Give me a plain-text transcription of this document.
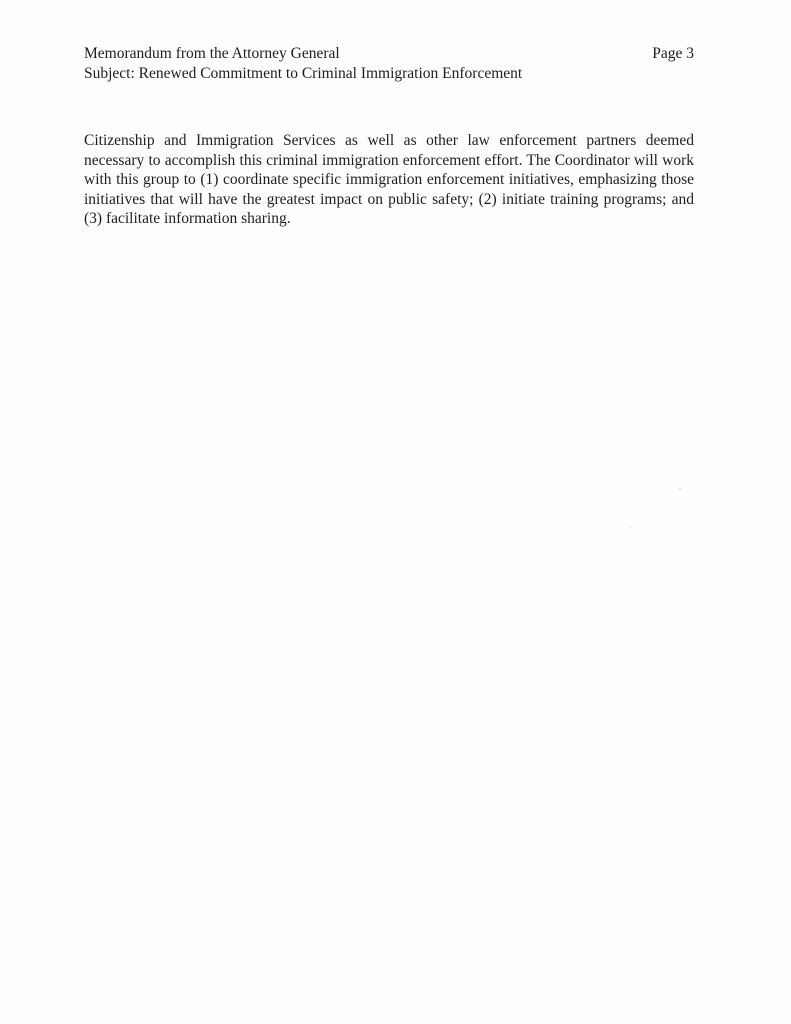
Memorandum from the Attorney General
Subject: Renewed Commitment to Criminal Immigration Enforcement
Page 3

Citizenship and Immigration Services as well as other law enforcement partners deemed necessary to accomplish this criminal immigration enforcement effort. The Coordinator will work with this group to (1) coordinate specific immigration enforcement initiatives, emphasizing those initiatives that will have the greatest impact on public safety; (2) initiate training programs; and (3) facilitate information sharing.
